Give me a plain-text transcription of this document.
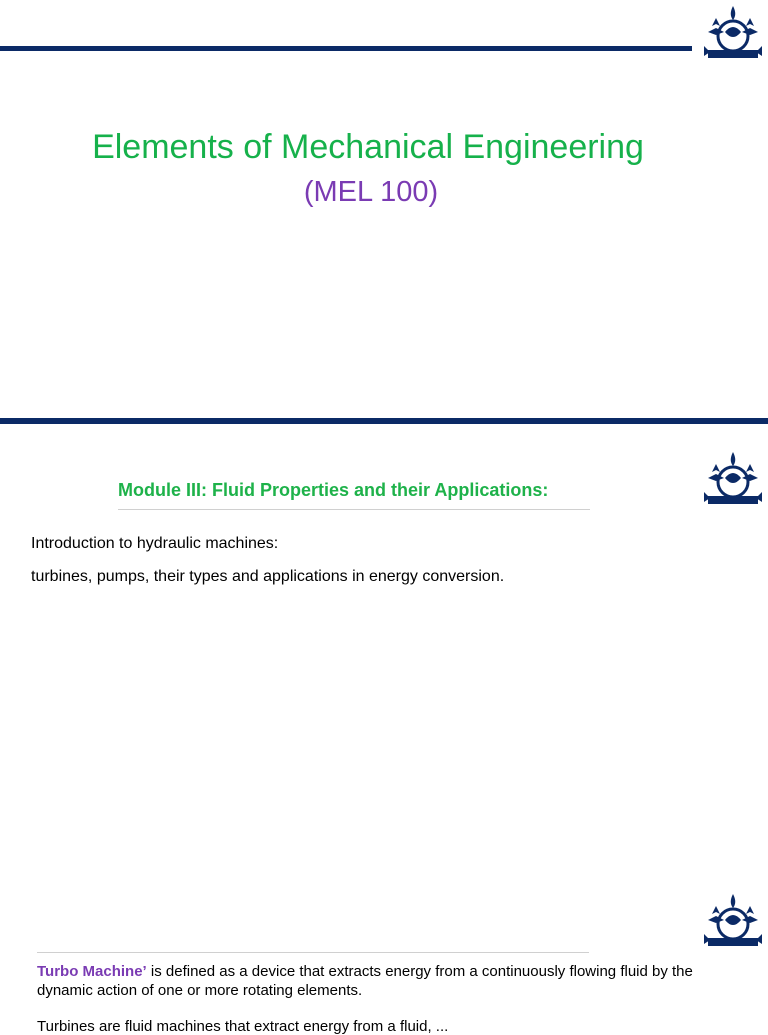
Elements of Mechanical Engineering
(MEL 100)
Module III: Fluid Properties and their Applications:
Introduction to hydraulic machines:
turbines, pumps, their types and applications in energy conversion.
Turbo Machine’ is defined as a device that extracts energy from a continuously flowing fluid by the dynamic action of one or more rotating elements.
Turbines are fluid machines that extract energy from a fluid, ...
